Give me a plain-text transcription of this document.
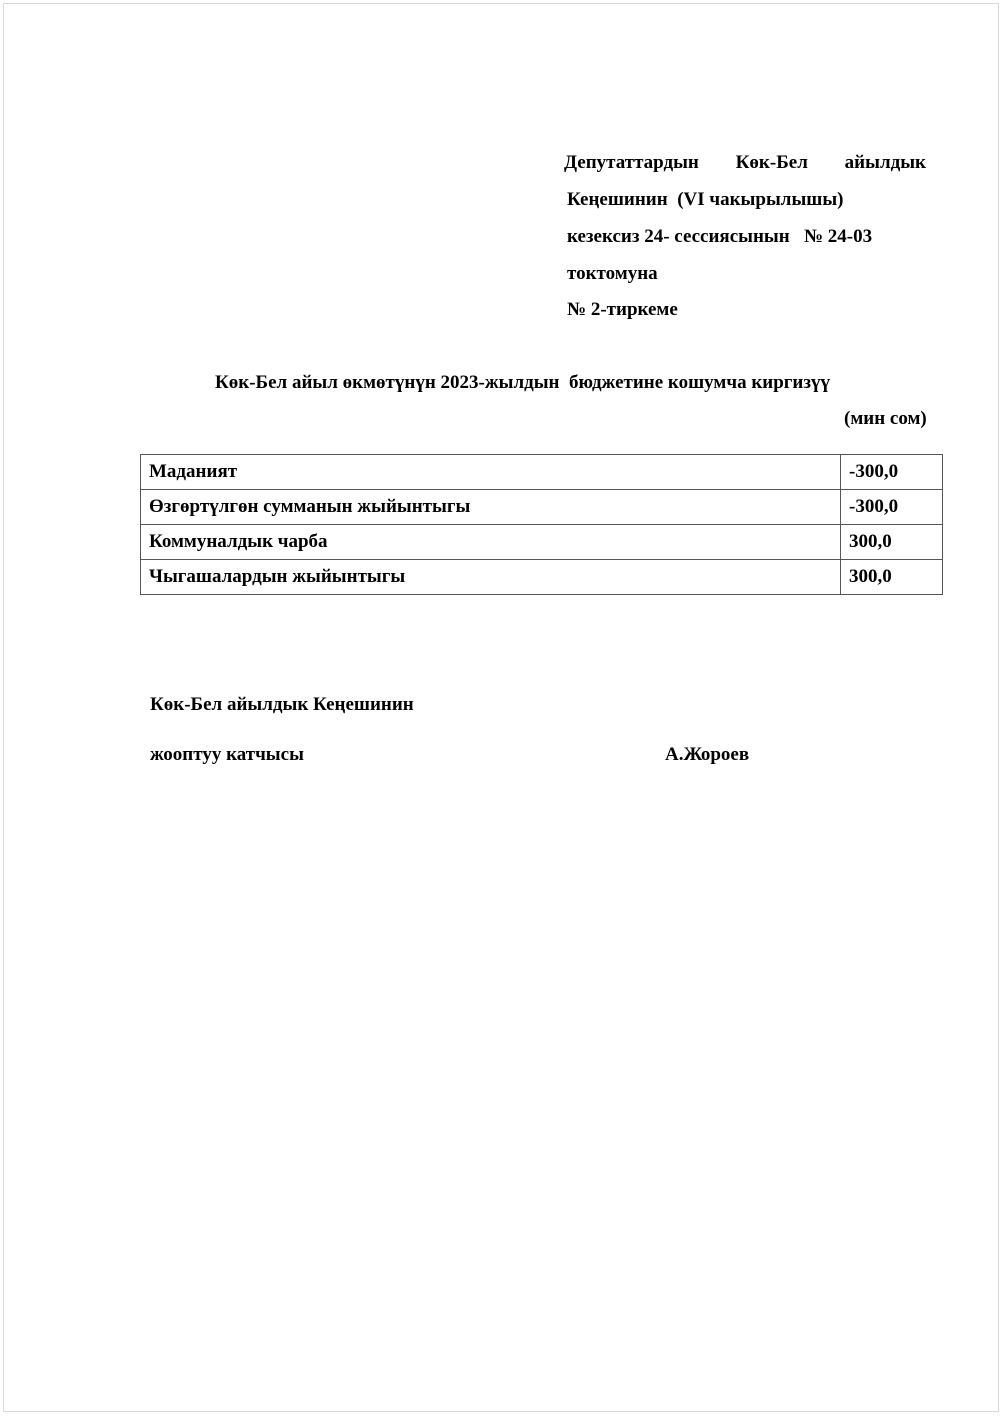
Депутаттардын Көк-Бел айылдык
Кеңешинин  (VI чакырылышы)
кезексиз 24- сессиясынын   № 24-03
токтомуна
№ 2-тиркеме
Көк-Бел айыл өкмөтүнүн 2023-жылдын  бюджетине кошумча киргизүү
(мин сом)
Маданият	-300,0
Өзгөртүлгөн сумманын жыйынтыгы	-300,0
Коммуналдык чарба	300,0
Чыгашалардын жыйынтыгы	300,0
Көк-Бел айылдык Кеңешинин
жооптуу катчысы	А.Жороев
